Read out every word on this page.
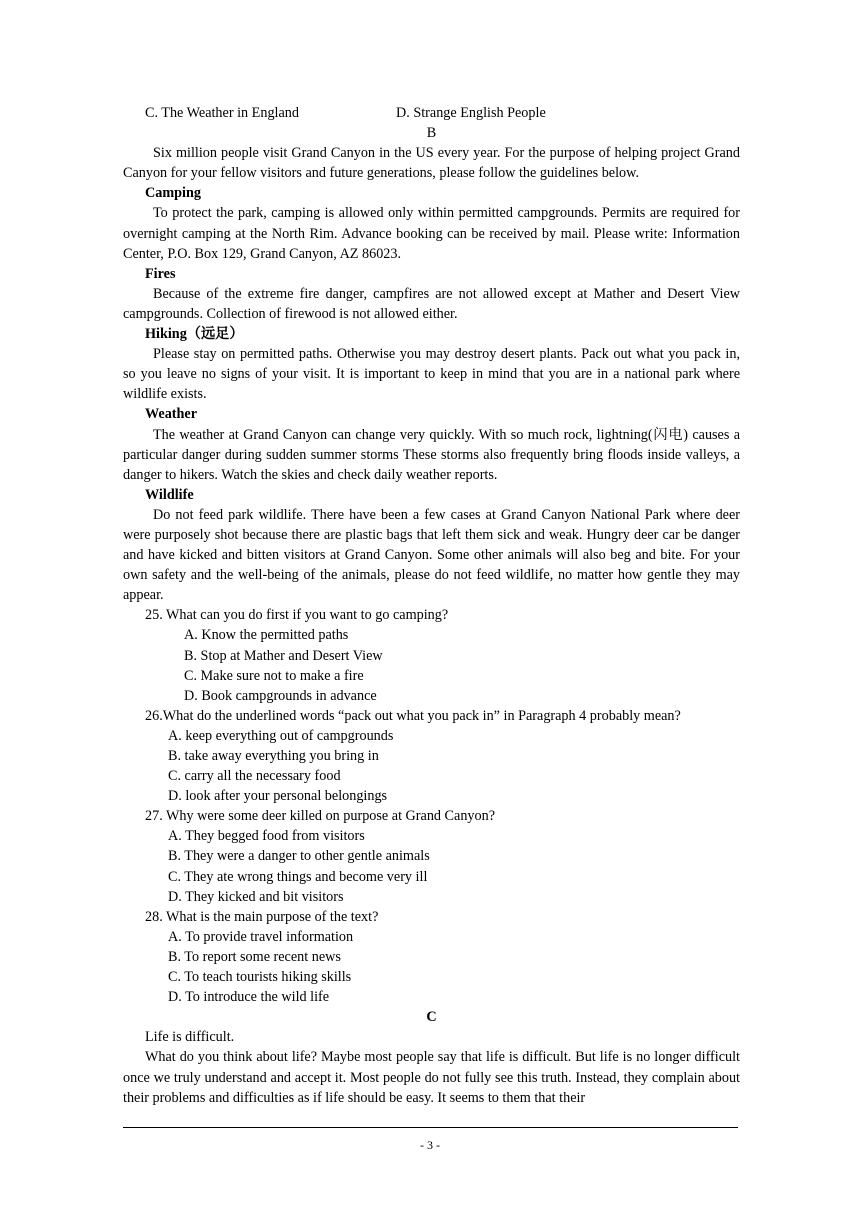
C. The Weather in England	D. Strange English People
B
Six million people visit Grand Canyon in the US every year. For the purpose of helping project Grand Canyon for your fellow visitors and future generations, please follow the guidelines below.
Camping
To protect the park, camping is allowed only within permitted campgrounds. Permits are required for overnight camping at the North Rim. Advance booking can be received by mail. Please write: Information Center, P.O. Box 129, Grand Canyon, AZ 86023.
Fires
Because of the extreme fire danger, campfires are not allowed except at Mather and Desert View campgrounds. Collection of firewood is not allowed either.
Hiking（远足）
Please stay on permitted paths. Otherwise you may destroy desert plants. Pack out what you pack in, so you leave no signs of your visit. It is important to keep in mind that you are in a national park where wildlife exists.
Weather
The weather at Grand Canyon can change very quickly. With so much rock, lightning(闪电) causes a particular danger during sudden summer storms These storms also frequently bring floods inside valleys, a danger to hikers. Watch the skies and check daily weather reports.
Wildlife
Do not feed park wildlife. There have been a few cases at Grand Canyon National Park where deer were purposely shot because there are plastic bags that left them sick and weak. Hungry deer car be danger and have kicked and bitten visitors at Grand Canyon. Some other animals will also beg and bite. For your own safety and the well-being of the animals, please do not feed wildlife, no matter how gentle they may appear.
25. What can you do first if you want to go camping?
A. Know the permitted paths
B. Stop at Mather and Desert View
C. Make sure not to make a fire
D. Book campgrounds in advance
26.What do the underlined words “pack out what you pack in” in Paragraph 4 probably mean?
A. keep everything out of campgrounds
B. take away everything you bring in
C. carry all the necessary food
D. look after your personal belongings
27. Why were some deer killed on purpose at Grand Canyon?
A. They begged food from visitors
B. They were a danger to other gentle animals
C. They ate wrong things and become very ill
D. They kicked and bit visitors
28. What is the main purpose of the text?
A. To provide travel information
B. To report some recent news
C. To teach tourists hiking skills
D. To introduce the wild life
C
Life is difficult.
What do you think about life? Maybe most people say that life is difficult. But life is no longer difficult once we truly understand and accept it. Most people do not fully see this truth. Instead, they complain about their problems and difficulties as if life should be easy. It seems to them that their
- 3 -
